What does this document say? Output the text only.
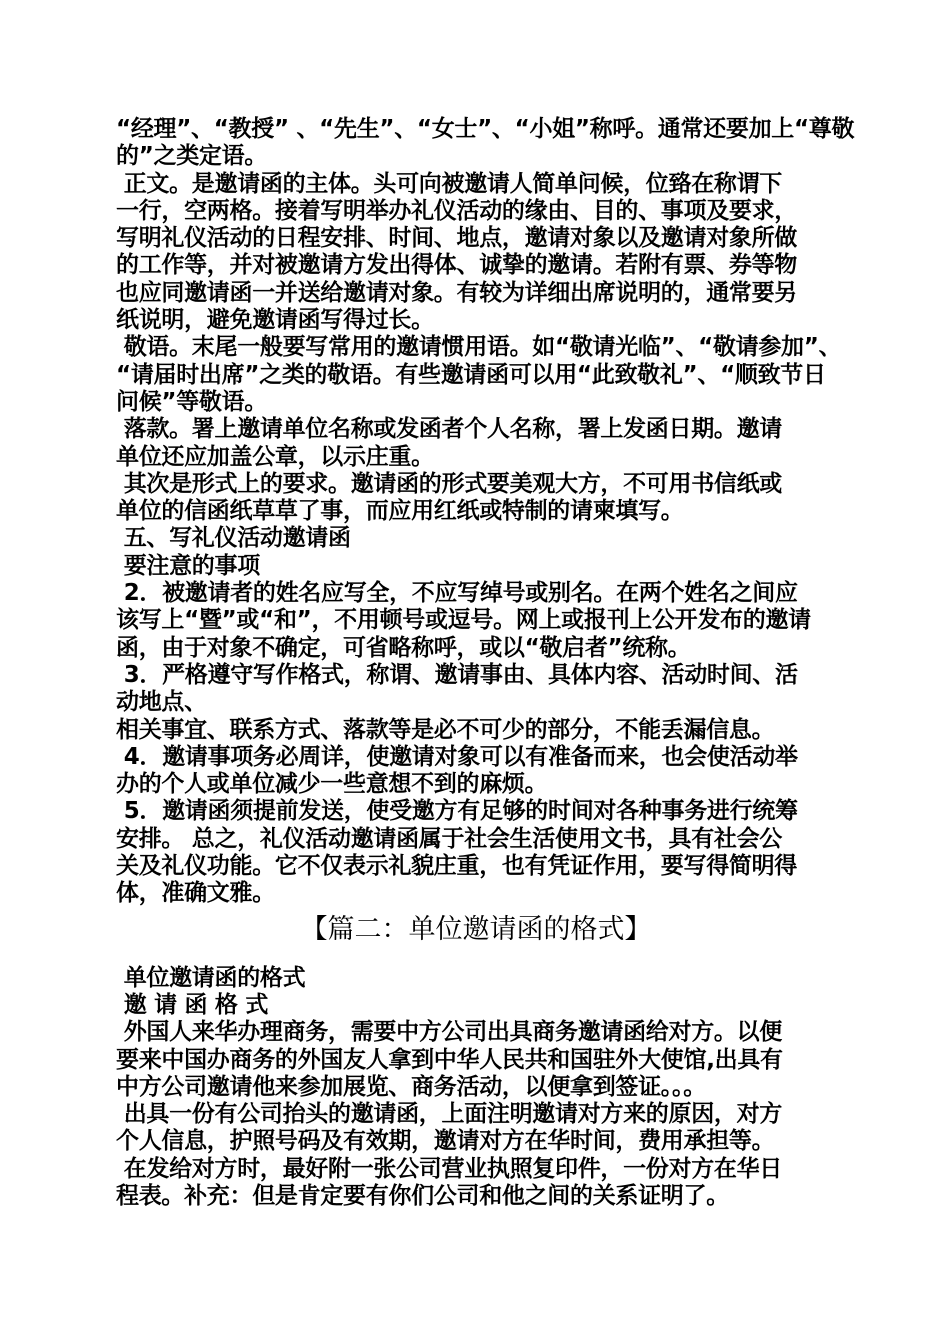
“经理”、“教授” 、“先生”、“女士”、“小姐”称呼。通常还要加上“尊敬

的”之类定语。

正文。是邀请函的主体。头可向被邀请人简单问候，位臵在称谓下

一行，空两格。接着写明举办礼仪活动的缘由、目的、事项及要求，

写明礼仪活动的日程安排、时间、地点，邀请对象以及邀请对象所做

的工作等，并对被邀请方发出得体、诚挚的邀请。若附有票、券等物

也应同邀请函一并送给邀请对象。有较为详细出席说明的，通常要另

纸说明，避免邀请函写得过长。

敬语。末尾一般要写常用的邀请惯用语。如“敬请光临”、“敬请参加”、

“请届时出席”之类的敬语。有些邀请函可以用“此致敬礼”、“顺致节日

问候”等敬语。

落款。署上邀请单位名称或发函者个人名称，署上发函日期。邀请

单位还应加盖公章，以示庄重。

其次是形式上的要求。邀请函的形式要美观大方，不可用书信纸或

单位的信函纸草草了事，而应用红纸或特制的请柬填写。

五、写礼仪活动邀请函

要注意的事项

2．被邀请者的姓名应写全，不应写绰号或别名。在两个姓名之间应

该写上“暨”或“和”，不用顿号或逗号。网上或报刊上公开发布的邀请

函，由于对象不确定，可省略称呼，或以“敬启者”统称。

3．严格遵守写作格式，称谓、邀请事由、具体内容、活动时间、活

动地点、

相关事宜、联系方式、落款等是必不可少的部分，不能丢漏信息。

4．邀请事项务必周详，使邀请对象可以有准备而来，也会使活动举

办的个人或单位减少一些意想不到的麻烦。

5．邀请函须提前发送，使受邀方有足够的时间对各种事务进行统筹

安排。 总之，礼仪活动邀请函属于社会生活使用文书，具有社会公

关及礼仪功能。它不仅表示礼貌庄重，也有凭证作用，要写得简明得

体，准确文雅。

【篇二：单位邀请函的格式】

单位邀请函的格式

邀 请 函 格 式

外国人来华办理商务，需要中方公司出具商务邀请函给对方。以便

要来中国办商务的外国友人拿到中华人民共和国驻外大使馆,出具有

中方公司邀请他来参加展览、商务活动，以便拿到签证。。。

出具一份有公司抬头的邀请函，上面注明邀请对方来的原因，对方

个人信息，护照号码及有效期，邀请对方在华时间，费用承担等。

在发给对方时，最好附一张公司营业执照复印件，一份对方在华日

程表。补充：但是肯定要有你们公司和他之间的关系证明了。
